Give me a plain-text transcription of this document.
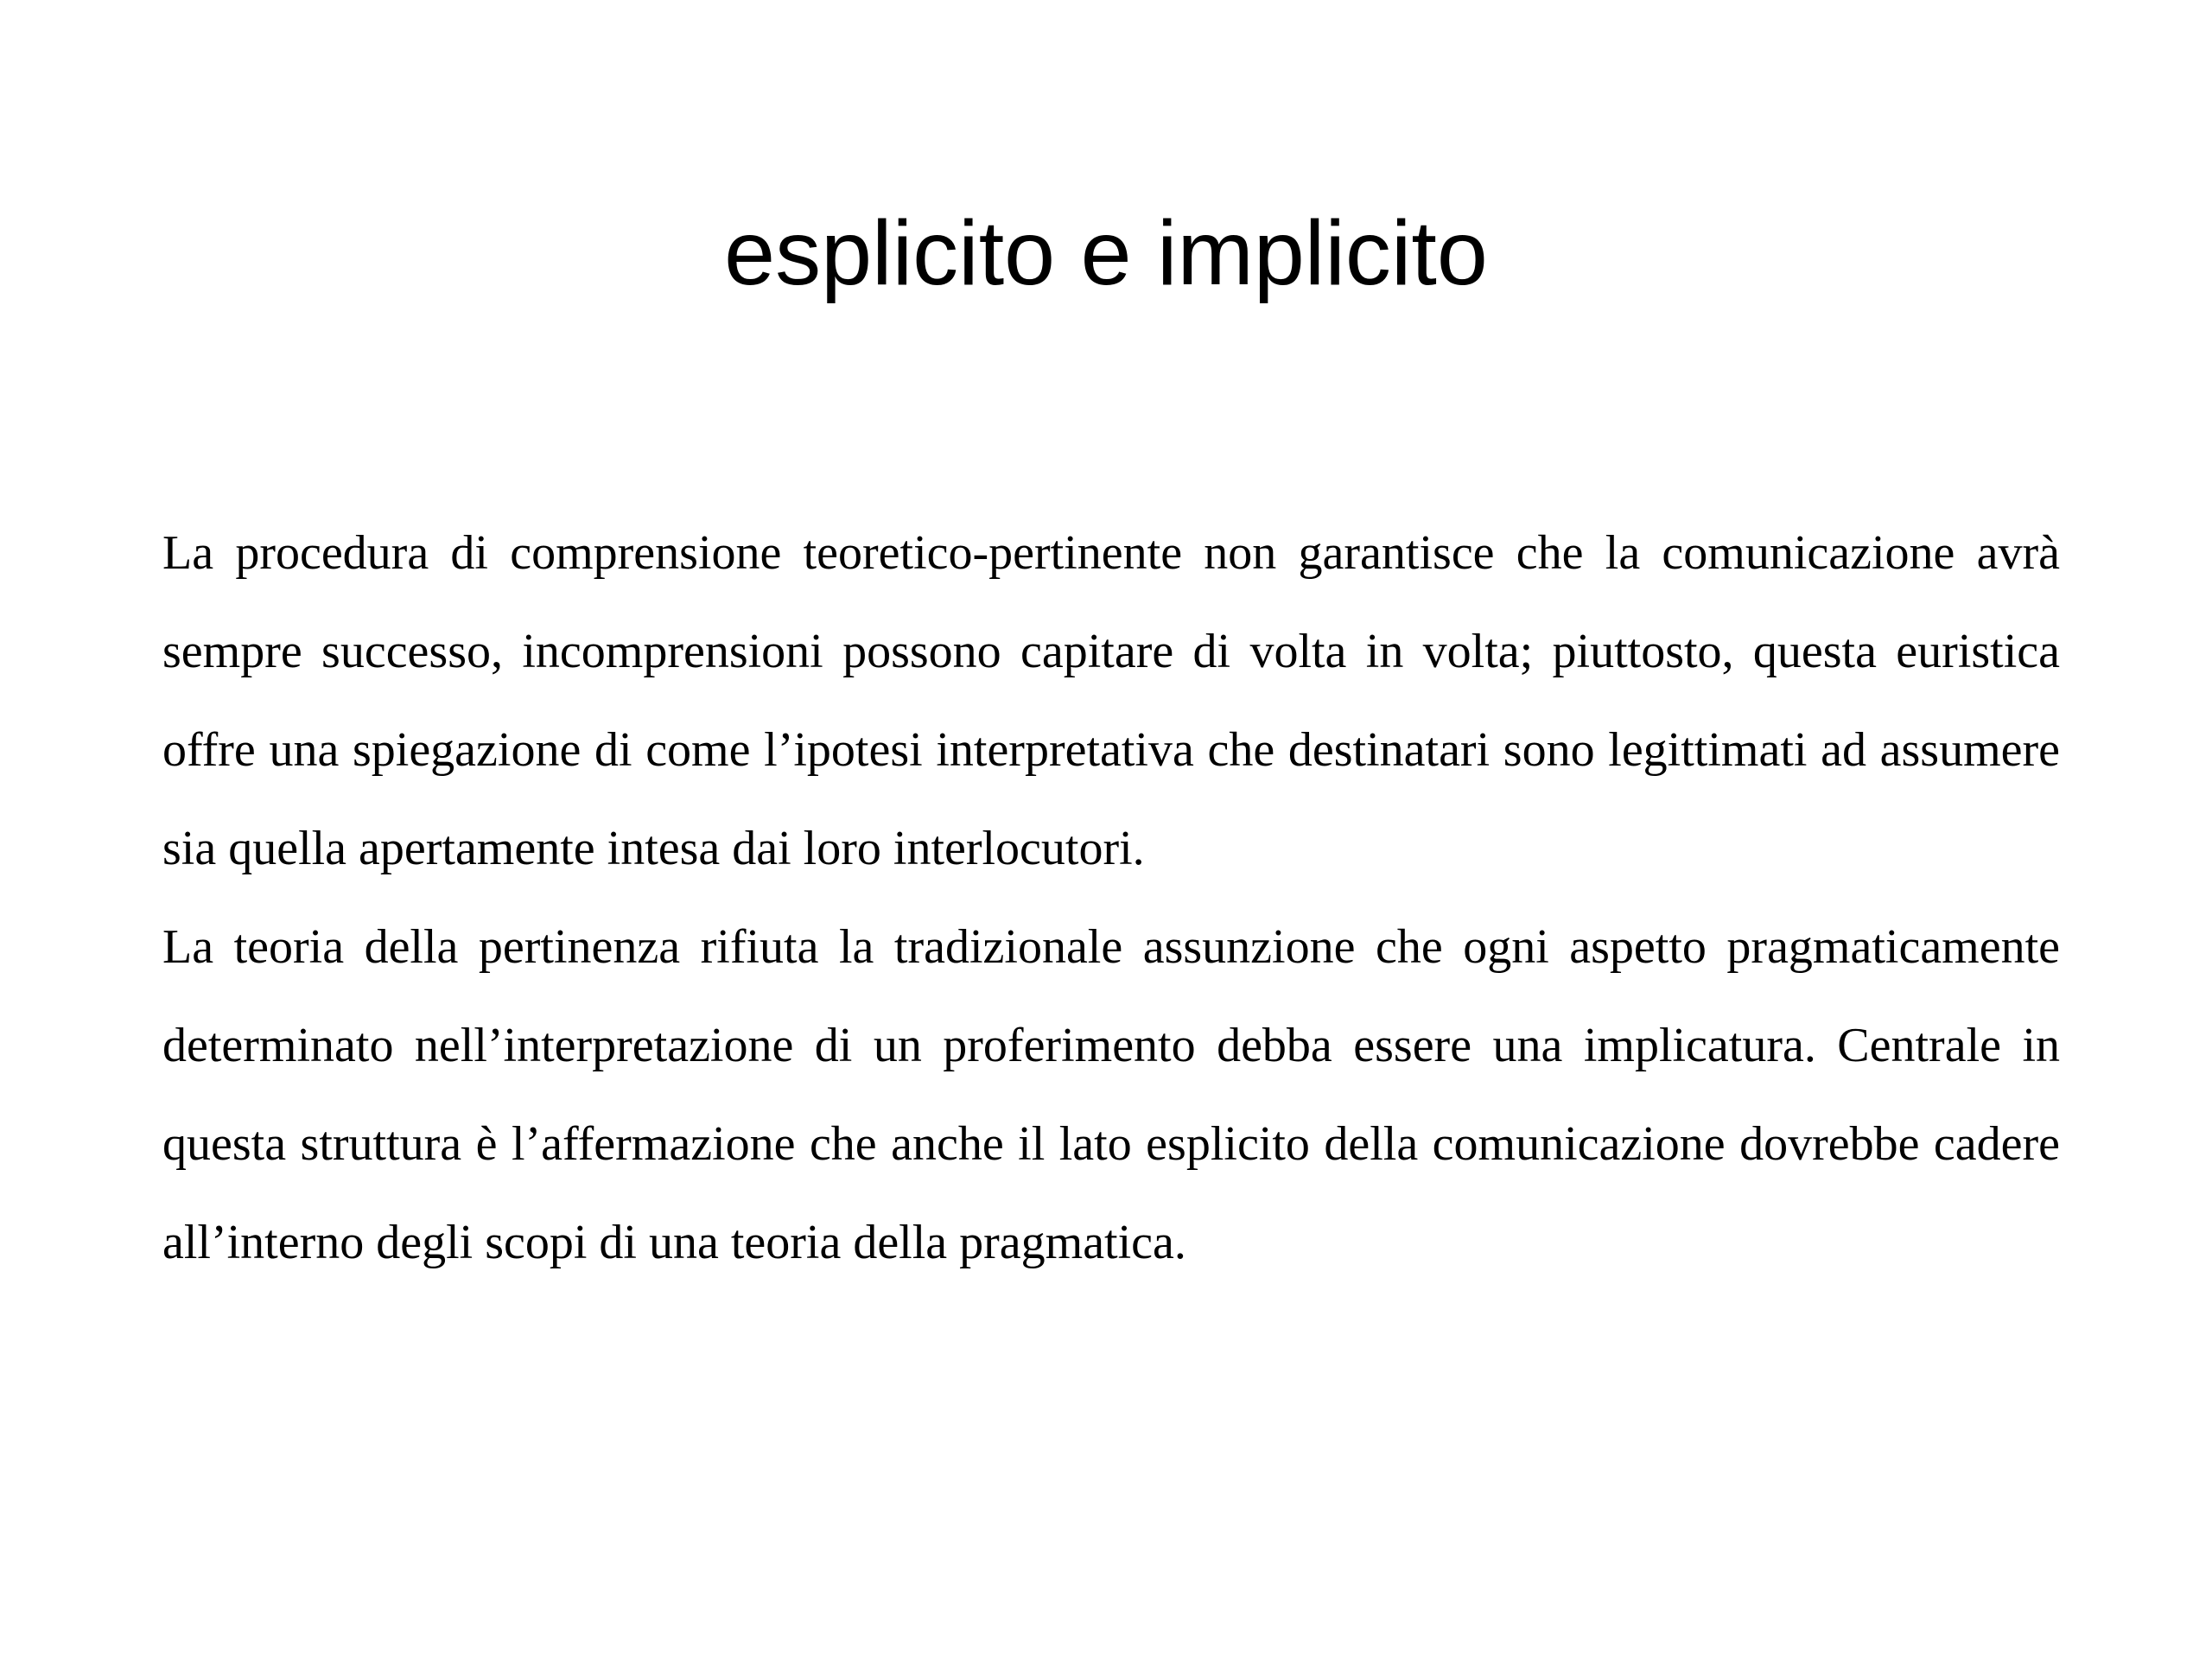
esplicito e implicito

La procedura di comprensione teoretico-pertinente non garantisce che la comunicazione avrà sempre successo, incomprensioni possono capitare di volta in volta; piuttosto, questa euristica offre una spiegazione di come l’ipotesi interpretativa che destinatari sono legittimati ad assumere sia quella apertamente intesa dai loro interlocutori.

La teoria della pertinenza rifiuta la tradizionale assunzione che ogni aspetto pragmaticamente determinato nell’interpretazione di un proferimento debba essere una implicatura. Centrale in questa struttura è l’affermazione che anche il lato esplicito della comunicazione dovrebbe cadere all’interno degli scopi di una teoria della pragmatica.
